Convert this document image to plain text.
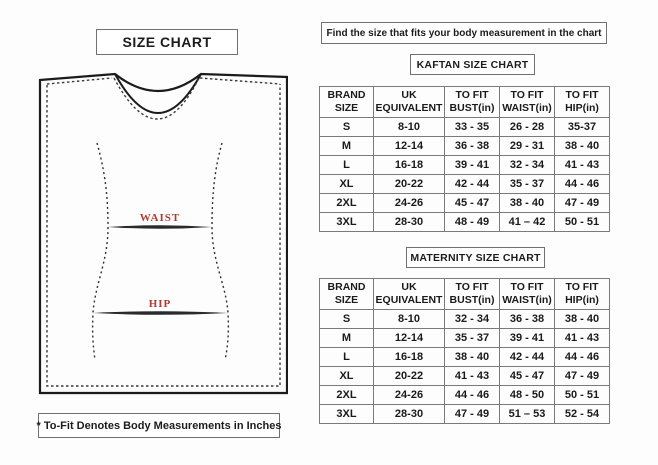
SIZE CHART
WAIST
HIP
* To-Fit Denotes Body Measurements in Inches
Find the size that fits your body measurement in the chart
KAFTAN SIZE CHART
BRAND
SIZE

UK
EQUIVALENT

TO FIT
BUST(in)

TO FIT
WAIST(in)

TO FIT
HIP(in)

S	8-10	33 - 35	26 - 28	35-37
M	12-14	36 - 38	29 - 31	38 - 40
L	16-18	39 - 41	32 - 34	41 - 43
XL	20-22	42 - 44	35 - 37	44 - 46
2XL	24-26	45 - 47	38 - 40	47 - 49
3XL	28-30	48 - 49	41 – 42	50 - 51
MATERNITY SIZE CHART
BRAND
SIZE

UK
EQUIVALENT

TO FIT
BUST(in)

TO FIT
WAIST(in)

TO FIT
HIP(in)

S	8-10	32 - 34	36 - 38	38 - 40
M	12-14	35 - 37	39 - 41	41 - 43
L	16-18	38 - 40	42 - 44	44 - 46
XL	20-22	41 - 43	45 - 47	47 - 49
2XL	24-26	44 - 46	48 - 50	50 - 51
3XL	28-30	47 - 49	51 – 53	52 - 54
